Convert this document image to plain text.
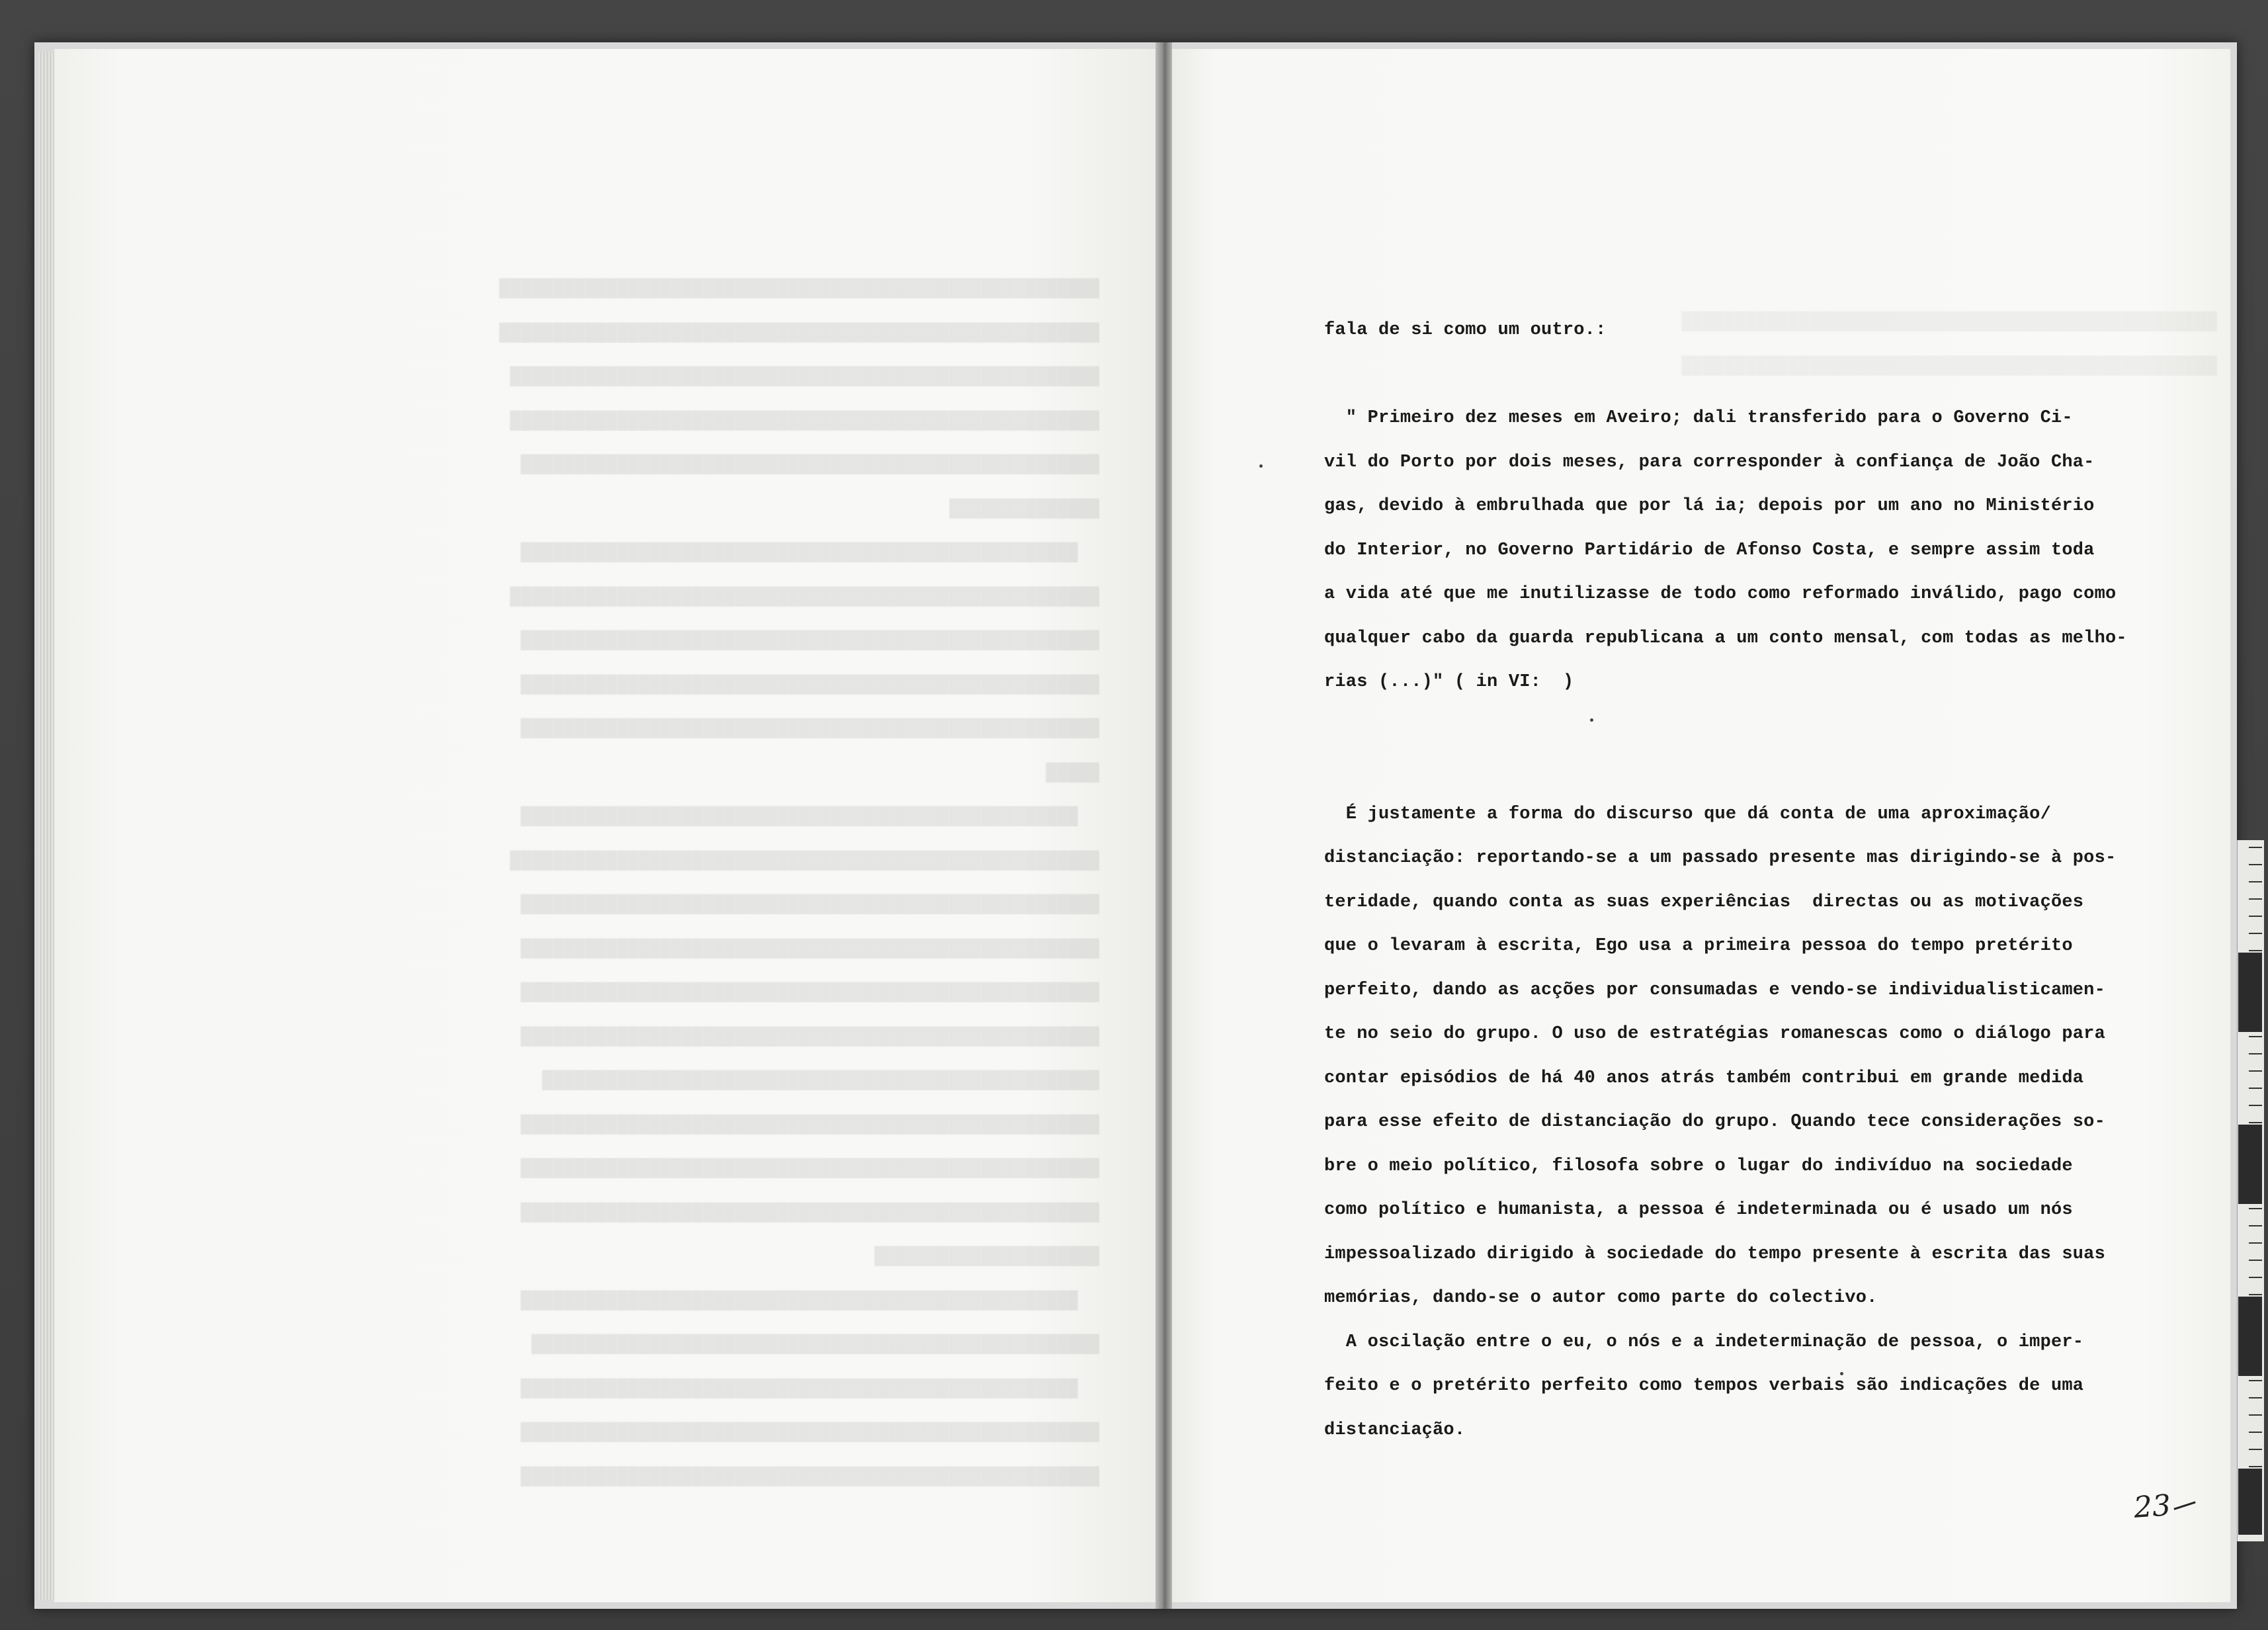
████████████████████████████████████████████████████████
████████████████████████████████████████████████████████
███████████████████████████████████████████████████████
███████████████████████████████████████████████████████
██████████████████████████████████████████████████████
██████████████
████████████████████████████████████████████████████
███████████████████████████████████████████████████████
██████████████████████████████████████████████████████
██████████████████████████████████████████████████████
██████████████████████████████████████████████████████
█████
████████████████████████████████████████████████████
███████████████████████████████████████████████████████
██████████████████████████████████████████████████████
██████████████████████████████████████████████████████
██████████████████████████████████████████████████████
██████████████████████████████████████████████████████
████████████████████████████████████████████████████
██████████████████████████████████████████████████████
██████████████████████████████████████████████████████
██████████████████████████████████████████████████████
█████████████████████
████████████████████████████████████████████████████
█████████████████████████████████████████████████████
████████████████████████████████████████████████████
██████████████████████████████████████████████████████
██████████████████████████████████████████████████████
fala de si como um outro.:
" Primeiro dez meses em Aveiro; dali transferido para o Governo Ci-
vil do Porto por dois meses, para corresponder à confiança de João Cha-
gas, devido à embrulhada que por lá ia; depois por um ano no Ministério
do Interior, no Governo Partidário de Afonso Costa, e sempre assim toda
a vida até que me inutilizasse de todo como reformado inválido, pago como
qualquer cabo da guarda republicana a um conto mensal, com todas as melho-
rias (...)" ( in VI:  )
É justamente a forma do discurso que dá conta de uma aproximação/
distanciação: reportando-se a um passado presente mas dirigindo-se à pos-
teridade, quando conta as suas experiências  directas ou as motivações
que o levaram à escrita, Ego usa a primeira pessoa do tempo pretérito
perfeito, dando as acções por consumadas e vendo-se individualisticamen-
te no seio do grupo. O uso de estratégias romanescas como o diálogo para
contar episódios de há 40 anos atrás também contribui em grande medida
para esse efeito de distanciação do grupo. Quando tece considerações so-
bre o meio político, filosofa sobre o lugar do indivíduo na sociedade
como político e humanista, a pessoa é indeterminada ou é usado um nós
impessoalizado dirigido à sociedade do tempo presente à escrita das suas
memórias, dando-se o autor como parte do colectivo.
A oscilação entre o eu, o nós e a indeterminação de pessoa, o imper-
feito e o pretérito perfeito como tempos verbais são indicações de uma
distanciação.
23
